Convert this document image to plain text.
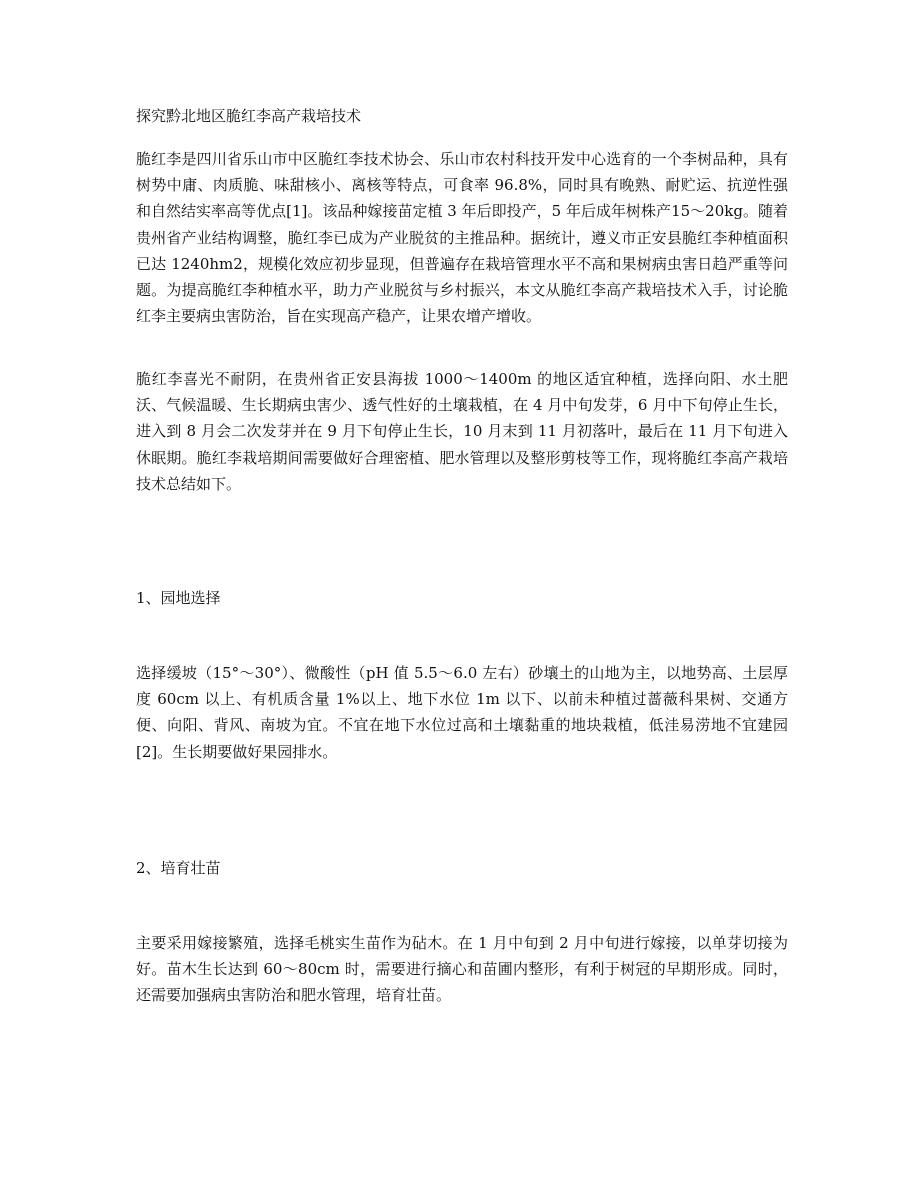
探究黔北地区脆红李高产栽培技术

脆红李是四川省乐山市中区脆红李技术协会、乐山市农村科技开发中心选育的一个李树品种，具有树势中庸、肉质脆、味甜核小、离核等特点，可食率 96.8%，同时具有晚熟、耐贮运、抗逆性强和自然结实率高等优点[1]。该品种嫁接苗定植 3 年后即投产，5 年后成年树株产15～20kg。随着贵州省产业结构调整，脆红李已成为产业脱贫的主推品种。据统计，遵义市正安县脆红李种植面积已达 1240hm2，规模化效应初步显现，但普遍存在栽培管理水平不高和果树病虫害日趋严重等问题。为提高脆红李种植水平，助力产业脱贫与乡村振兴，本文从脆红李高产栽培技术入手，讨论脆红李主要病虫害防治，旨在实现高产稳产，让果农增产增收。

脆红李喜光不耐阴，在贵州省正安县海拔 1000～1400m 的地区适宜种植，选择向阳、水土肥沃、气候温暖、生长期病虫害少、透气性好的土壤栽植，在 4 月中旬发芽，6 月中下旬停止生长，进入到 8 月会二次发芽并在 9 月下旬停止生长，10 月末到 11 月初落叶，最后在 11 月下旬进入休眠期。脆红李栽培期间需要做好合理密植、肥水管理以及整形剪枝等工作，现将脆红李高产栽培技术总结如下。

1、园地选择

选择缓坡（15°～30°）、微酸性（pH 值 5.5～6.0 左右）砂壤土的山地为主，以地势高、土层厚度 60cm 以上、有机质含量 1%以上、地下水位 1m 以下、以前未种植过蔷薇科果树、交通方便、向阳、背风、南坡为宜。不宜在地下水位过高和土壤黏重的地块栽植，低洼易涝地不宜建园[2]。生长期要做好果园排水。

2、培育壮苗

主要采用嫁接繁殖，选择毛桃实生苗作为砧木。在 1 月中旬到 2 月中旬进行嫁接，以单芽切接为好。苗木生长达到 60～80cm 时，需要进行摘心和苗圃内整形，有利于树冠的早期形成。同时，还需要加强病虫害防治和肥水管理，培育壮苗。
